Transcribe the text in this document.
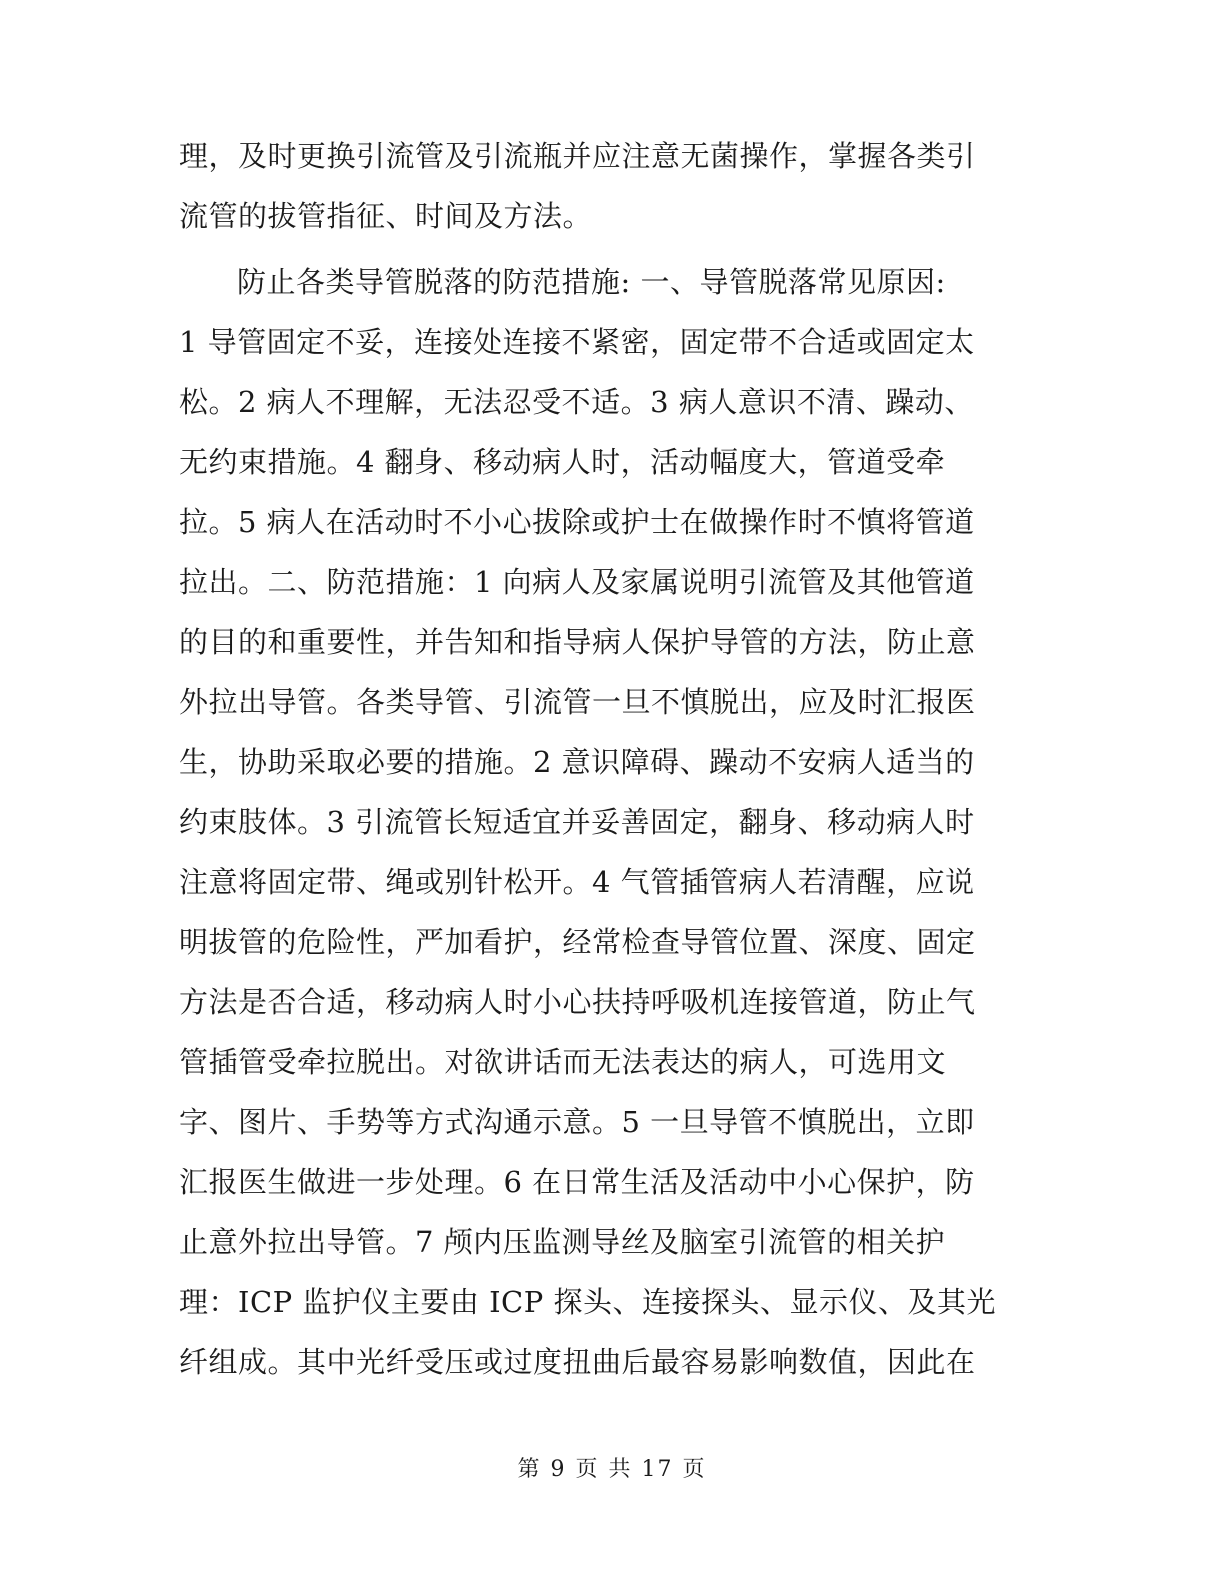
理，及时更换引流管及引流瓶并应注意无菌操作，掌握各类引
流管的拔管指征、时间及方法。
防止各类导管脱落的防范措施: 一、导管脱落常见原因:
1 导管固定不妥，连接处连接不紧密，固定带不合适或固定太
松。2 病人不理解，无法忍受不适。3 病人意识不清、躁动、
无约束措施。4 翻身、移动病人时，活动幅度大，管道受牵
拉。5 病人在活动时不小心拔除或护士在做操作时不慎将管道
拉出。二、防范措施：1 向病人及家属说明引流管及其他管道
的目的和重要性，并告知和指导病人保护导管的方法，防止意
外拉出导管。各类导管、引流管一旦不慎脱出，应及时汇报医
生，协助采取必要的措施。2 意识障碍、躁动不安病人适当的
约束肢体。3 引流管长短适宜并妥善固定，翻身、移动病人时
注意将固定带、绳或别针松开。4 气管插管病人若清醒，应说
明拔管的危险性，严加看护，经常检查导管位置、深度、固定
方法是否合适，移动病人时小心扶持呼吸机连接管道，防止气
管插管受牵拉脱出。对欲讲话而无法表达的病人，可选用文
字、图片、手势等方式沟通示意。5 一旦导管不慎脱出，立即
汇报医生做进一步处理。6 在日常生活及活动中小心保护，防
止意外拉出导管。7 颅内压监测导丝及脑室引流管的相关护
理：ICP 监护仪主要由 ICP 探头、连接探头、显示仪、及其光
纤组成。其中光纤受压或过度扭曲后最容易影响数值，因此在
第 9 页 共 17 页
